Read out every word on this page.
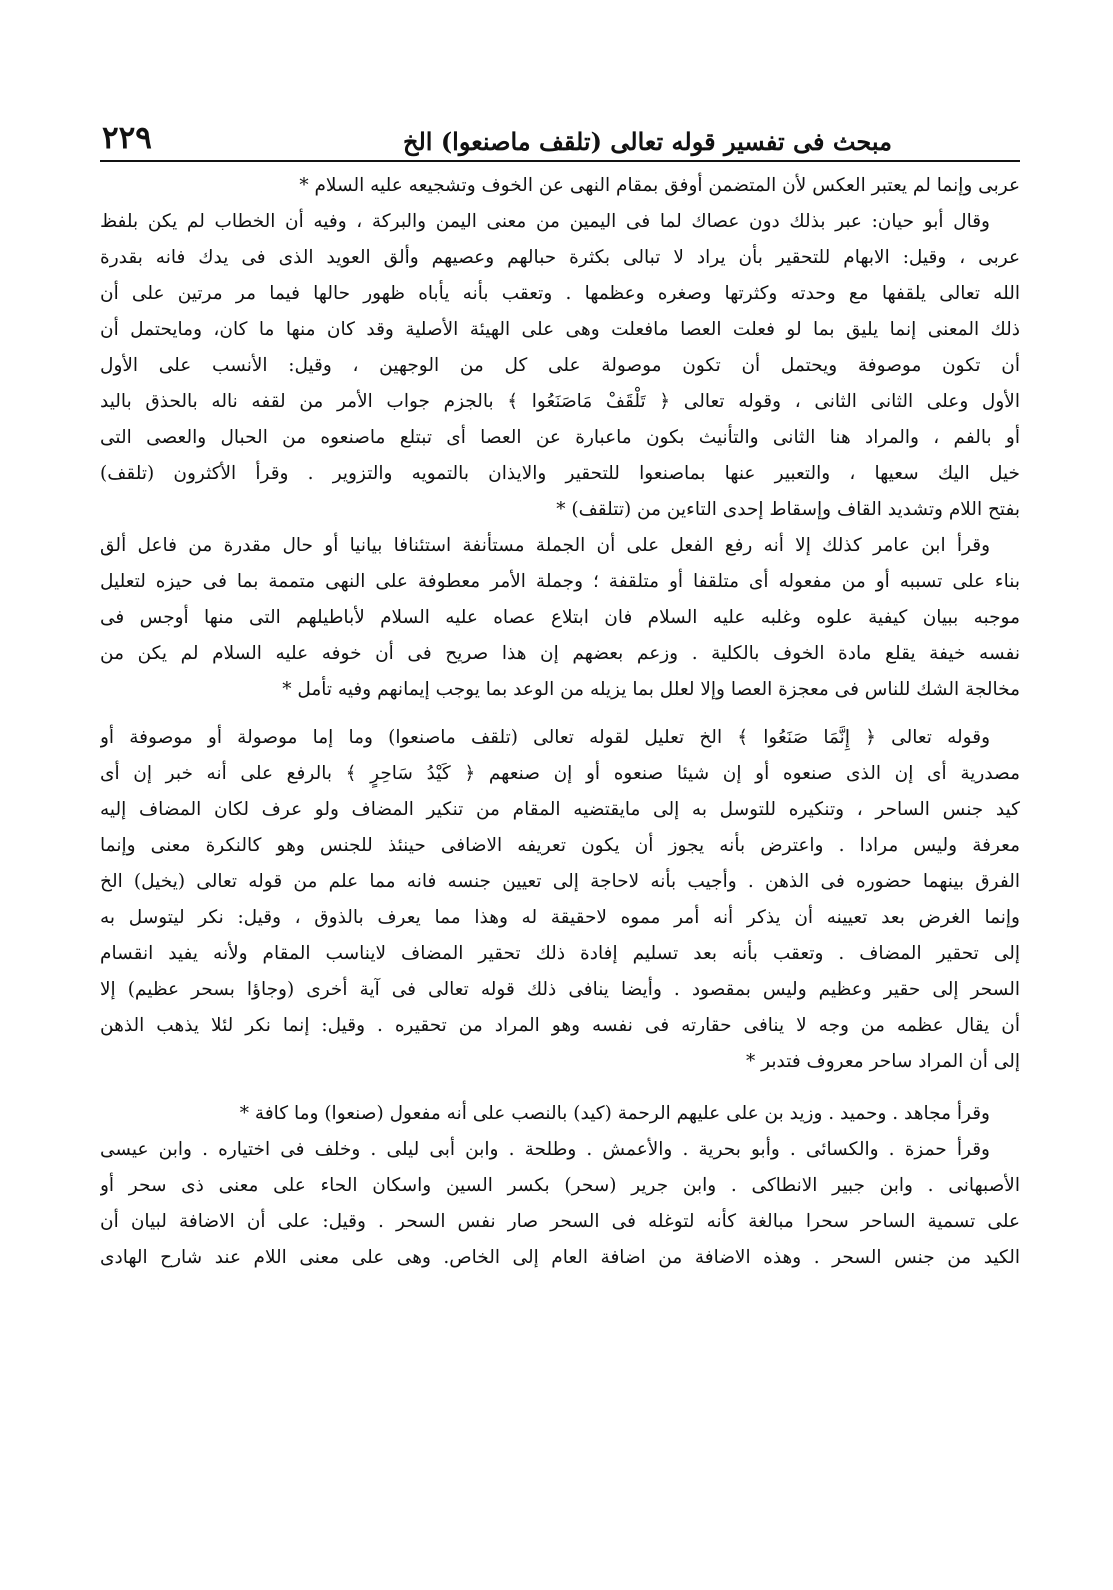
مبحث فى تفسير قوله تعالى (تلقف ماصنعوا) الخ
٢٢٩
عربى وإنما لم يعتبر العكس لأن المتضمن أوفق بمقام النهى عن الخوف وتشجيعه عليه السلام *
وقال أبو حيان: عبر بذلك دون عصاك لما فى اليمين من معنى اليمن والبركة ، وفيه أن الخطاب لم يكن بلفظ
عربى ، وقيل: الابهام للتحقير بأن يراد لا تبالى بكثرة حبالهم وعصيهم وألق العويد الذى فى يدك فانه بقدرة
الله تعالى يلقفها مع وحدته وكثرتها وصغره وعظمها . وتعقب بأنه يأباه ظهور حالها فيما مر مرتين على أن
ذلك المعنى إنما يليق بما لو فعلت العصا مافعلت وهى على الهيئة الأصلية وقد كان منها ما كان، ومايحتمل أن
أن تكون موصوفة ويحتمل أن تكون موصولة على كل من الوجهين ، وقيل: الأنسب على الأول
الأول وعلى الثانى الثانى ، وقوله تعالى ﴿ تَلْقَفْ مَاصَنَعُوا ﴾ بالجزم جواب الأمر من لقفه ناله بالحذق باليد
أو بالفم ، والمراد هنا الثانى والتأنيث بكون ماعبارة عن العصا أى تبتلع ماصنعوه من الحبال والعصى التى
خيل اليك سعيها ، والتعبير عنها بماصنعوا للتحقير والايذان بالتمويه والتزوير . وقرأ الأكثرون (تلقف)
بفتح اللام وتشديد القاف وإسقاط إحدى التاءين من (تتلقف) *
وقرأ ابن عامر كذلك إلا أنه رفع الفعل على أن الجملة مستأنفة استئنافا بيانيا أو حال مقدرة من فاعل ألق
بناء على تسببه أو من مفعوله أى متلقفا أو متلقفة ؛ وجملة الأمر معطوفة على النهى متممة بما فى حيزه لتعليل
موجبه ببيان كيفية علوه وغلبه عليه السلام فان ابتلاع عصاه عليه السلام لأباطيلهم التى منها أوجس فى
نفسه خيفة يقلع مادة الخوف بالكلية . وزعم بعضهم إن هذا صريح فى أن خوفه عليه السلام لم يكن من
مخالجة الشك للناس فى معجزة العصا وإلا لعلل بما يزيله من الوعد بما يوجب إيمانهم وفيه تأمل *
وقوله تعالى ﴿ إِنَّمَا صَنَعُوا ﴾ الخ تعليل لقوله تعالى (تلقف ماصنعوا) وما إما موصولة أو موصوفة أو
مصدرية أى إن الذى صنعوه أو إن شيئا صنعوه أو إن صنعهم ﴿ كَيْدُ سَاحِرٍ ﴾ بالرفع على أنه خبر إن أى
كيد جنس الساحر ، وتنكيره للتوسل به إلى مايقتضيه المقام من تنكير المضاف ولو عرف لكان المضاف إليه
معرفة وليس مرادا . واعترض بأنه يجوز أن يكون تعريفه الاضافى حينئذ للجنس وهو كالنكرة معنى وإنما
الفرق بينهما حضوره فى الذهن . وأجيب بأنه لاحاجة إلى تعيين جنسه فانه مما علم من قوله تعالى (يخيل) الخ
وإنما الغرض بعد تعيينه أن يذكر أنه أمر مموه لاحقيقة له وهذا مما يعرف بالذوق ، وقيل: نكر ليتوسل به
إلى تحقير المضاف . وتعقب بأنه بعد تسليم إفادة ذلك تحقير المضاف لايناسب المقام ولأنه يفيد انقسام
السحر إلى حقير وعظيم وليس بمقصود . وأيضا ينافى ذلك قوله تعالى فى آية أخرى (وجاؤا بسحر عظيم) إلا
أن يقال عظمه من وجه لا ينافى حقارته فى نفسه وهو المراد من تحقيره . وقيل: إنما نكر لئلا يذهب الذهن
إلى أن المراد ساحر معروف فتدبر *
وقرأ مجاهد . وحميد . وزيد بن على عليهم الرحمة (كيد) بالنصب على أنه مفعول (صنعوا) وما كافة *
وقرأ حمزة . والكسائى . وأبو بحرية . والأعمش . وطلحة . وابن أبى ليلى . وخلف فى اختياره . وابن عيسى
الأصبهانى . وابن جبير الانطاكى . وابن جرير (سحر) بكسر السين واسكان الحاء على معنى ذى سحر أو
على تسمية الساحر سحرا مبالغة كأنه لتوغله فى السحر صار نفس السحر . وقيل: على أن الاضافة لبيان أن
الكيد من جنس السحر . وهذه الاضافة من اضافة العام إلى الخاص. وهى على معنى اللام عند شارح الهادى
